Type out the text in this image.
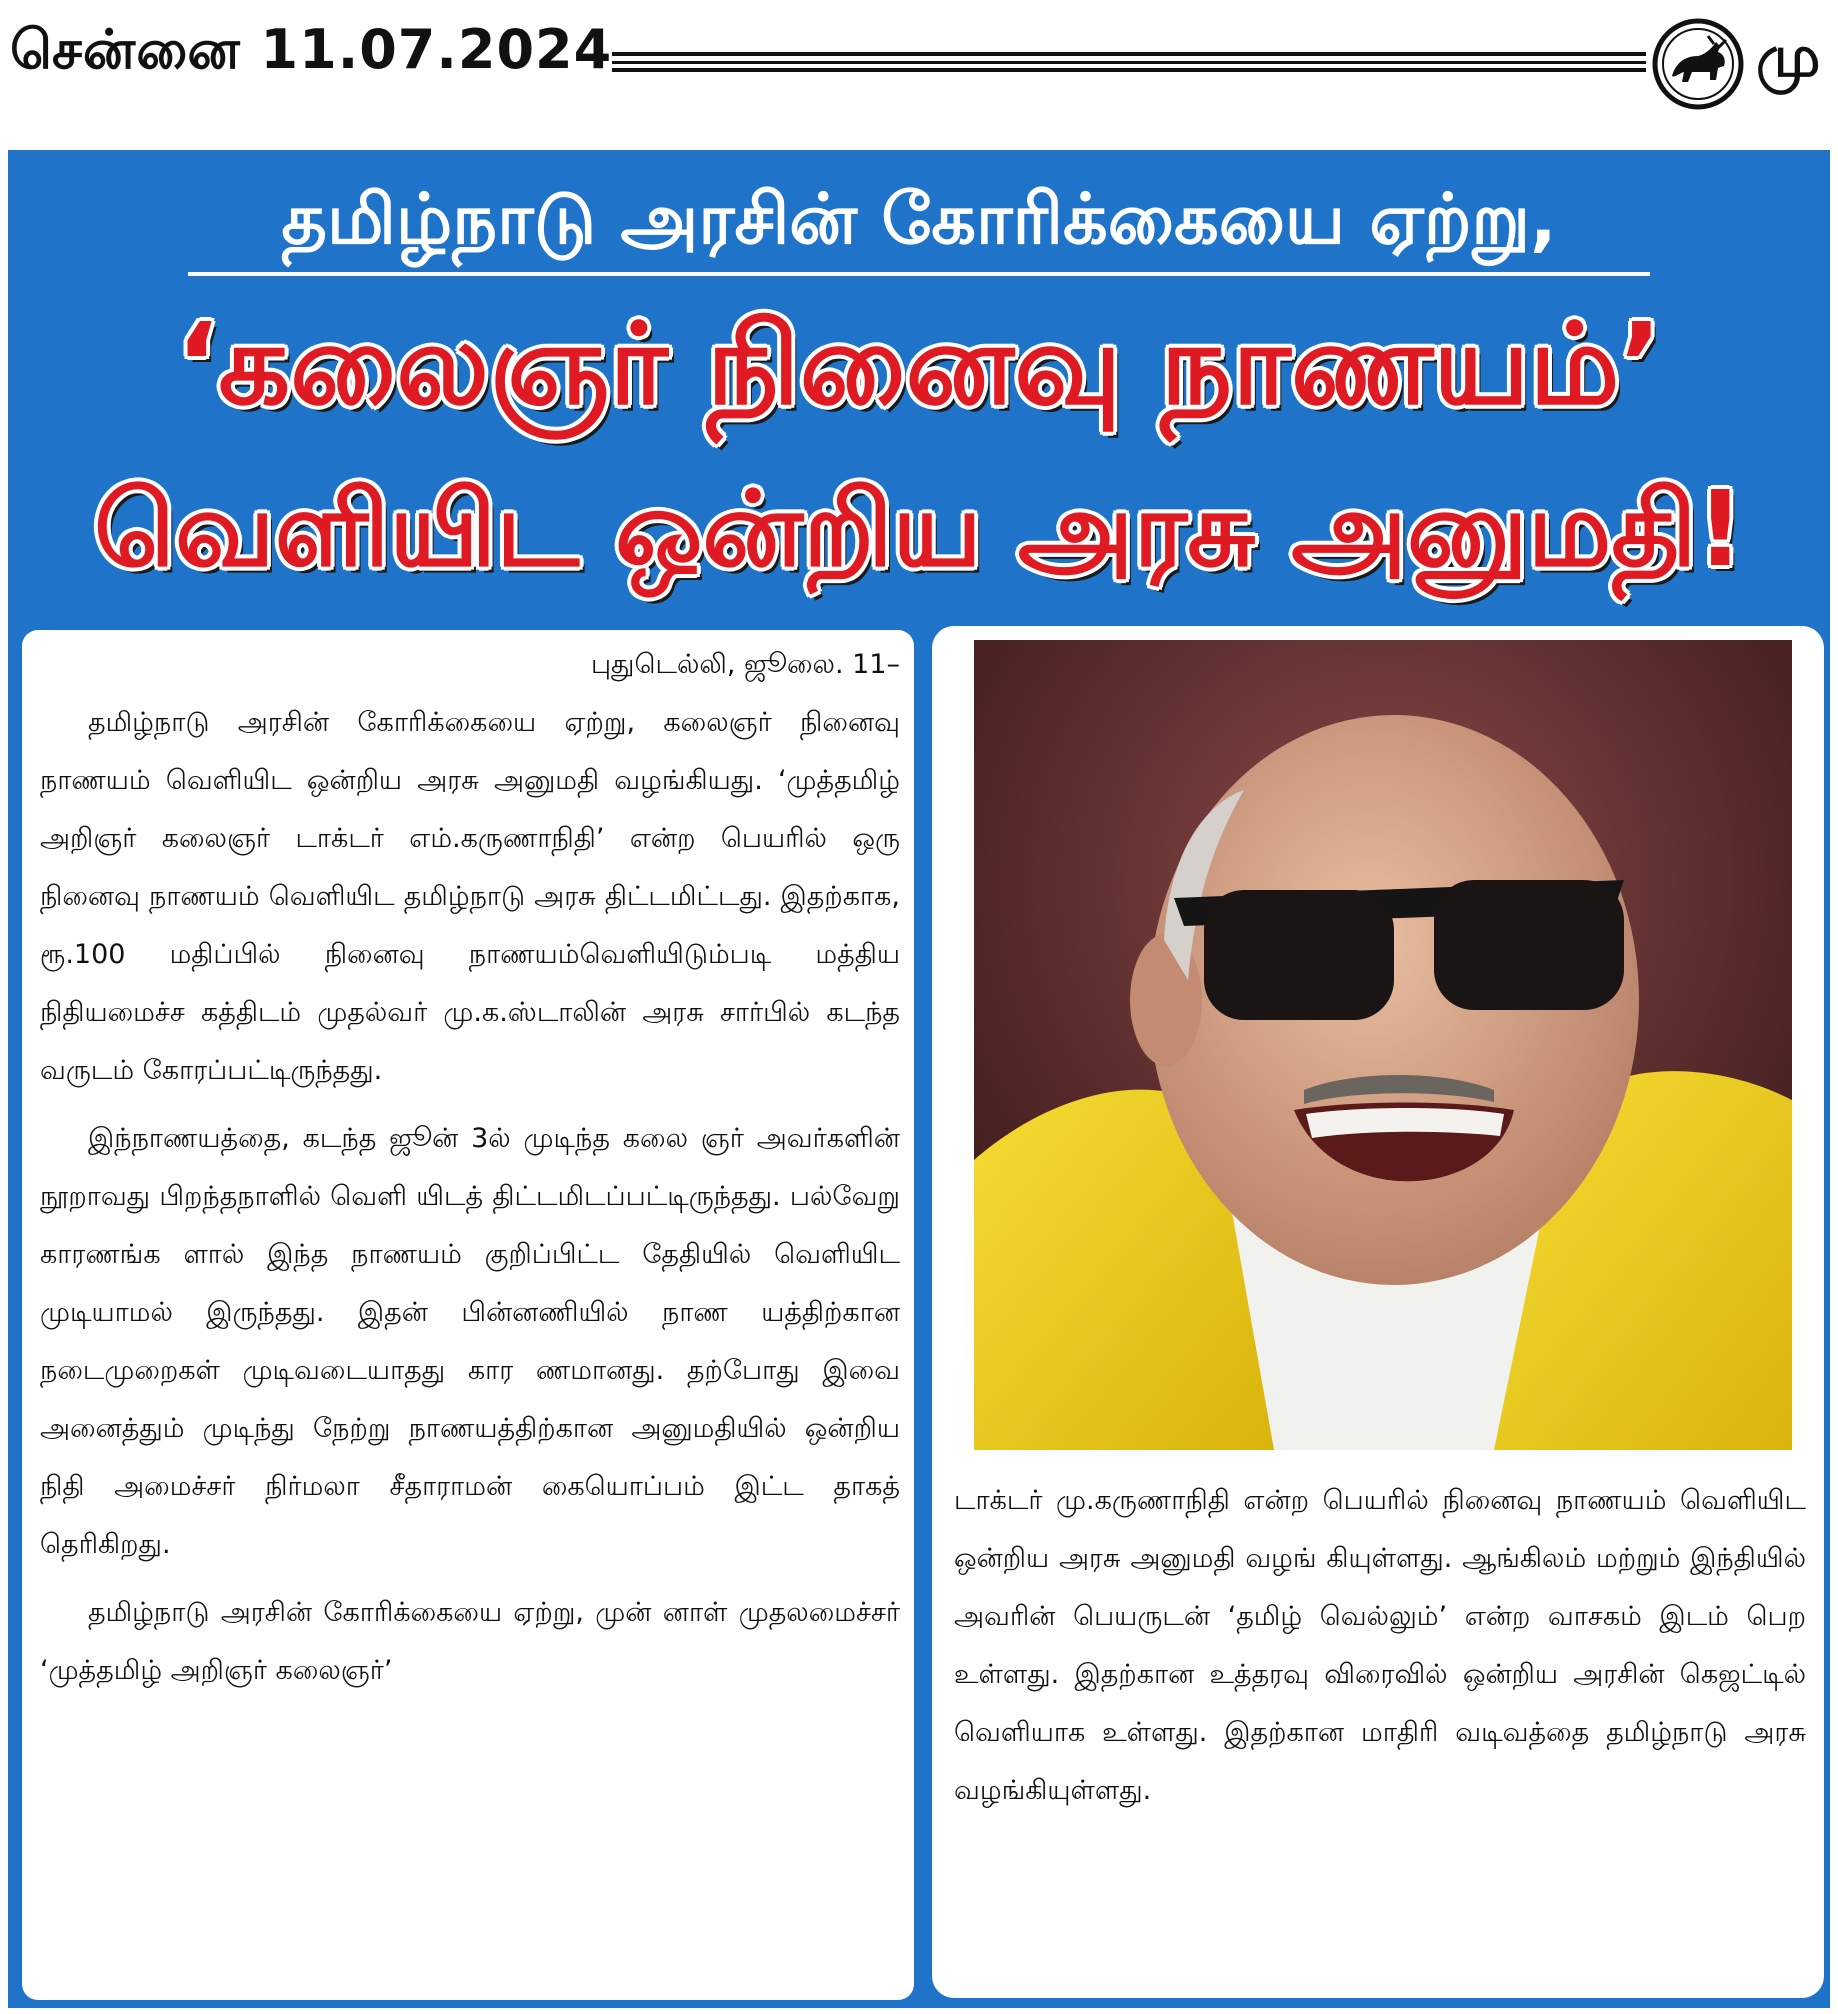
சென்னை 11.07.2024	மு
தமிழ்நாடு அரசின் கோரிக்கையை ஏற்று,
‘கலைஞர் நினைவு நாணயம்’
வெளியிட ஒன்றிய அரசு அனுமதி!
புதுடெல்லி, ஜூலை. 11–

தமிழ்நாடு அரசின் கோரிக்கையை ஏற்று, கலைஞர் நினைவு நாணயம் வெளியிட ஒன்றிய அரசு அனுமதி வழங்கியது. ‘முத்தமிழ் அறிஞர் கலைஞர் டாக்டர் எம்.கருணாநிதி’ என்ற பெயரில் ஒரு நினைவு நாணயம் வெளியிட தமிழ்நாடு அரசு திட்டமிட்டது. இதற்காக, ரூ.100 மதிப்பில் நினைவு நாணயம்வெளியிடும்படி மத்திய நிதியமைச்ச கத்திடம் முதல்வர் மு.க.ஸ்டாலின் அரசு சார்பில் கடந்த வருடம் கோரப்பட்டிருந்தது.

இந்நாணயத்தை, கடந்த ஜூன் 3ல் முடிந்த கலை ஞர் அவர்களின் நூறாவது பிறந்தநாளில் வெளி யிடத் திட்டமிடப்பட்டிருந்தது. பல்வேறு காரணங்க ளால் இந்த நாணயம் குறிப்பிட்ட தேதியில் வெளியிட முடியாமல் இருந்தது. இதன் பின்னணியில் நாண யத்திற்கான நடைமுறைகள் முடிவடையாதது கார ணமானது. தற்போது இவை அனைத்தும் முடிந்து நேற்று நாணயத்திற்கான அனுமதியில் ஒன்றிய நிதி அமைச்சர் நிர்மலா சீதாராமன் கையொப்பம் இட்ட தாகத் தெரிகிறது.

தமிழ்நாடு அரசின் கோரிக்கையை ஏற்று, முன் னாள் முதலமைச்சர் ‘முத்தமிழ் அறிஞர் கலைஞர்’

டாக்டர் மு.கருணாநிதி என்ற பெயரில் நினைவு நாணயம் வெளியிட ஒன்றிய அரசு அனுமதி வழங் கியுள்ளது. ஆங்கிலம் மற்றும் இந்தியில் அவரின் பெயருடன் ‘தமிழ் வெல்லும்’ என்ற வாசகம் இடம் பெற உள்ளது. இதற்கான உத்தரவு விரைவில் ஒன்றிய அரசின் கெஜட்டில் வெளியாக உள்ளது. இதற்கான மாதிரி வடிவத்தை தமிழ்நாடு அரசு வழங்கியுள்ளது.
